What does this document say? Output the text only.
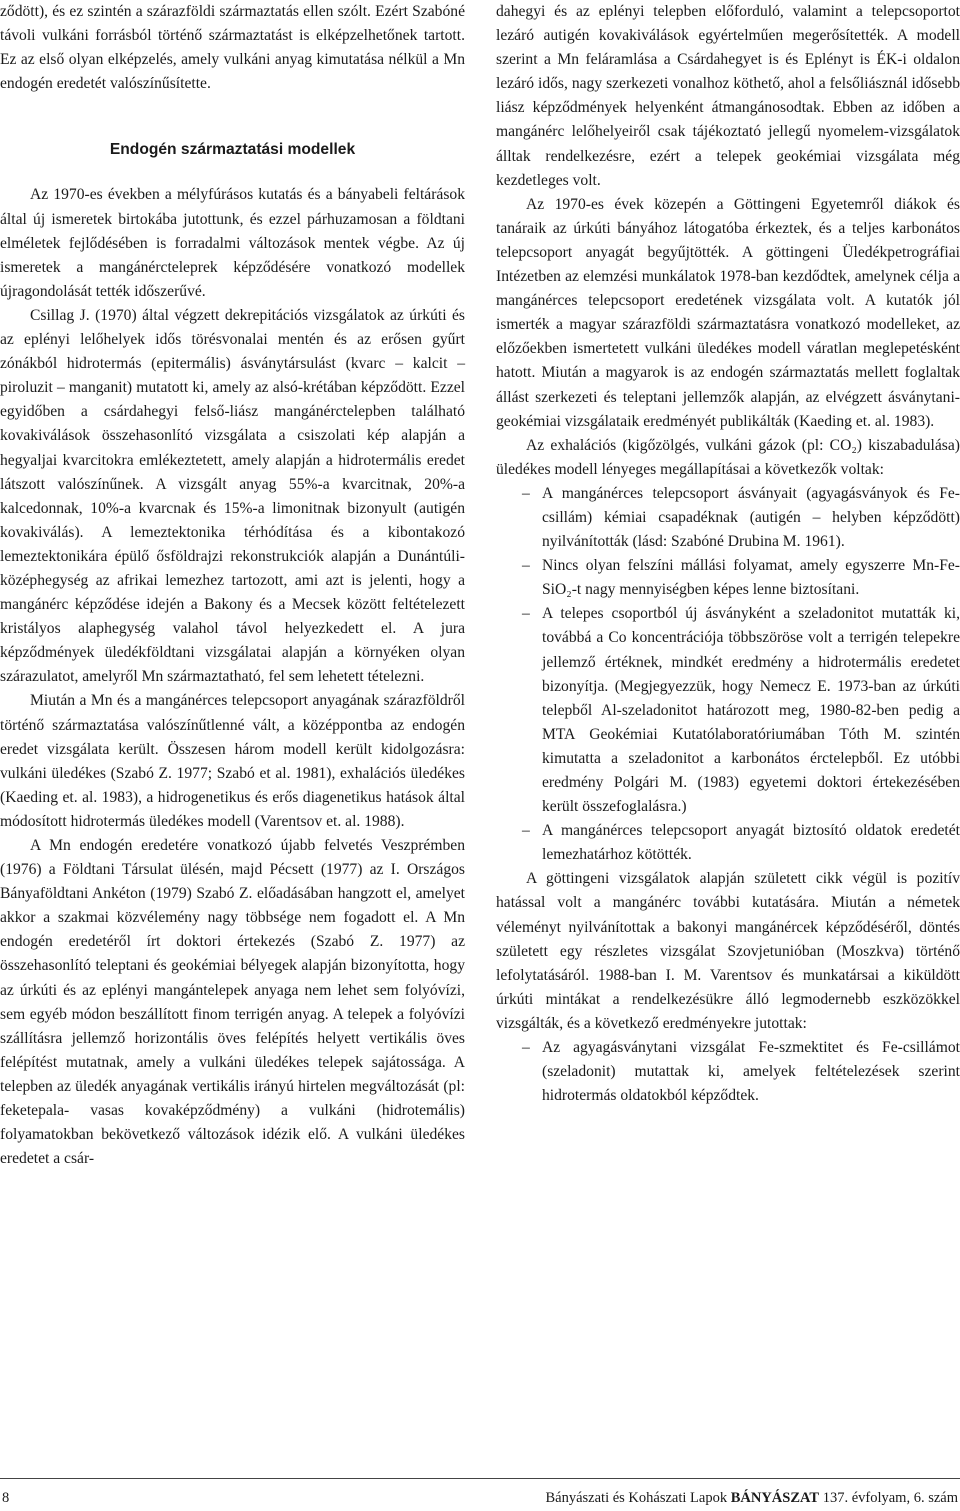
ződött), és ez szintén a szárazföldi származtatás ellen szólt. Ezért Szabóné távoli vulkáni forrásból történő származtatást is elképzelhetőnek tartott. Ez az első olyan elképzelés, amely vulkáni anyag kimutatása nélkül a Mn endogén eredetét valószínűsítette.

Endogén származtatási modellek

Az 1970-es években a mélyfúrásos kutatás és a bányabeli feltárások által új ismeretek birtokába jutottunk, és ezzel párhuzamosan a földtani elméletek fejlődésében is forradalmi változások mentek végbe. Az új ismeretek a mangánércteleprek képződésére vonatkozó modellek újragondolását tették időszerűvé.

Csillag J. (1970) által végzett dekrepitációs vizsgálatok az úrkúti és az eplényi lelőhelyek idős törésvonalai mentén és az erősen gyűrt zónákból hidrotermás (epitermális) ásványtársulást (kvarc – kalcit – piroluzit – manganit) mutatott ki, amely az alsó-krétában képződött. Ezzel egyidőben a csárdahegyi felső-liász mangánérctelepben található kovakiválások összehasonlító vizsgálata a csiszolati kép alapján a hegyaljai kvarcitokra emlékeztetett, amely alapján a hidrotermális eredet látszott valószínűnek. A vizsgált anyag 55%-a kvarcitnak, 20%-a kalcedonnak, 10%-a kvarcnak és 15%-a limonitnak bizonyult (autigén kovakiválás). A lemeztektonika térhódítása és a kibontakozó lemeztektonikára épülő ősföldrajzi rekonstrukciók alapján a Dunántúli-középhegység az afrikai lemezhez tartozott, ami azt is jelenti, hogy a mangánérc képződése idején a Bakony és a Mecsek között feltételezett kristályos alaphegység valahol távol helyezkedett el. A jura képződmények üledékföldtani vizsgálatai alapján a környéken olyan szárazulatot, amelyről Mn származtatható, fel sem lehetett tételezni.

Miután a Mn és a mangánérces telepcsoport anyagának szárazföldről történő származtatása valószínűtlenné vált, a középpontba az endogén eredet vizsgálata került. Összesen három modell került kidolgozásra: vulkáni üledékes (Szabó Z. 1977; Szabó et al. 1981), exhalációs üledékes (Kaeding et. al. 1983), a hidrogenetikus és erős diagenetikus hatások által módosított hidrotermás üledékes modell (Varentsov et. al. 1988).

A Mn endogén eredetére vonatkozó újabb felvetés Veszprémben (1976) a Földtani Társulat ülésén, majd Pécsett (1977) az I. Országos Bányaföldtani Ankéton (1979) Szabó Z. előadásában hangzott el, amelyet akkor a szakmai közvélemény nagy többsége nem fogadott el. A Mn endogén eredetéről írt doktori értekezés (Szabó Z. 1977) az összehasonlító teleptani és geokémiai bélyegek alapján bizonyította, hogy az úrkúti és az eplényi mangántelepek anyaga nem lehet sem folyóvízi, sem egyéb módon beszállított finom terrigén anyag. A telepek a folyóvízi szállításra jellemző horizontális öves felépítés helyett vertikális öves felépítést mutatnak, amely a vulkáni üledékes telepek sajátossága. A telepben az üledék anyagának vertikális irányú hirtelen megváltozását (pl: feketepala- vasas kovaképződmény) a vulkáni (hidrotemális) folyamatokban bekövetkező változások idézik elő. A vulkáni üledékes eredetet a csár-

dahegyi és az eplényi telepben előforduló, valamint a telepcsoportot lezáró autigén kovakiválások egyértelműen megerősítették. A modell szerint a Mn feláramlása a Csárdahegyet is és Eplényt is ÉK-i oldalon lezáró idős, nagy szerkezeti vonalhoz köthető, ahol a felsőliásznál idősebb liász képződmények helyenként átmangánosodtak. Ebben az időben a mangánérc lelőhelyeiről csak tájékoztató jellegű nyomelem-vizsgálatok álltak rendelkezésre, ezért a telepek geokémiai vizsgálata még kezdetleges volt.

Az 1970-es évek közepén a Göttingeni Egyetemről diákok és tanáraik az úrkúti bányához látogatóba érkeztek, és a teljes karbonátos telepcsoport anyagát begyűjtötték. A göttingeni Üledékpetrográfiai Intézetben az elemzési munkálatok 1978-ban kezdődtek, amelynek célja a mangánérces telepcsoport eredetének vizsgálata volt. A kutatók jól ismerték a magyar szárazföldi származtatásra vonatkozó modelleket, az előzőekben ismertetett vulkáni üledékes modell váratlan meglepetésként hatott. Miután a magyarok is az endogén származtatás mellett foglaltak állást szerkezeti és teleptani jellemzők alapján, az elvégzett ásványtani-geokémiai vizsgálataik eredményét publikálták (Kaeding et. al. 1983).

Az exhalációs (kigőzölgés, vulkáni gázok (pl: CO₂) kiszabadulása) üledékes modell lényeges megállapításai a következők voltak:

– A mangánérces telepcsoport ásványait (agyagásványok és Fe-csillám) kémiai csapadéknak (autigén – helyben képződött) nyilvánították (lásd: Szabóné Drubina M. 1961).
– Nincs olyan felszíni mállási folyamat, amely egyszerre Mn-Fe-SiO₂-t nagy mennyiségben képes lenne biztosítani.
– A telepes csoportból új ásványként a szeladonitot mutatták ki, továbbá a Co koncentrációja többszöröse volt a terrigén telepekre jellemző értéknek, mindkét eredmény a hidrotermális eredetet bizonyítja. (Megjegyezzük, hogy Nemecz E. 1973-ban az úrkúti telepből Al-szeladonitot határozott meg, 1980-82-ben pedig a MTA Geokémiai Kutatólaboratóriumában Tóth M. szintén kimutatta a szeladonitot a karbonátos érctelepből. Ez utóbbi eredmény Polgári M. (1983) egyetemi doktori értekezésében került összefoglalásra.)
– A mangánérces telepcsoport anyagát biztosító oldatok eredetét lemezhatárhoz kötötték.

A göttingeni vizsgálatok alapján született cikk végül is pozitív hatással volt a mangánérc további kutatására. Miután a németek véleményt nyilvánítottak a bakonyi mangánércek képződéséről, döntés született egy részletes vizsgálat Szovjetunióban (Moszkva) történő lefolytatásáról. 1988-ban I. M. Varentsov és munkatársai a kiküldött úrkúti mintákat a rendelkezésükre álló legmodernebb eszközökkel vizsgálták, és a következő eredményekre jutottak:

– Az agyagásványtani vizsgálat Fe-szmektitet és Fe-csillámot (szeladonit) mutattak ki, amelyek feltételezések szerint hidrotermás oldatokból képződtek.
8	Bányászati és Kohászati Lapok BÁNYÁSZAT 137. évfolyam, 6. szám
